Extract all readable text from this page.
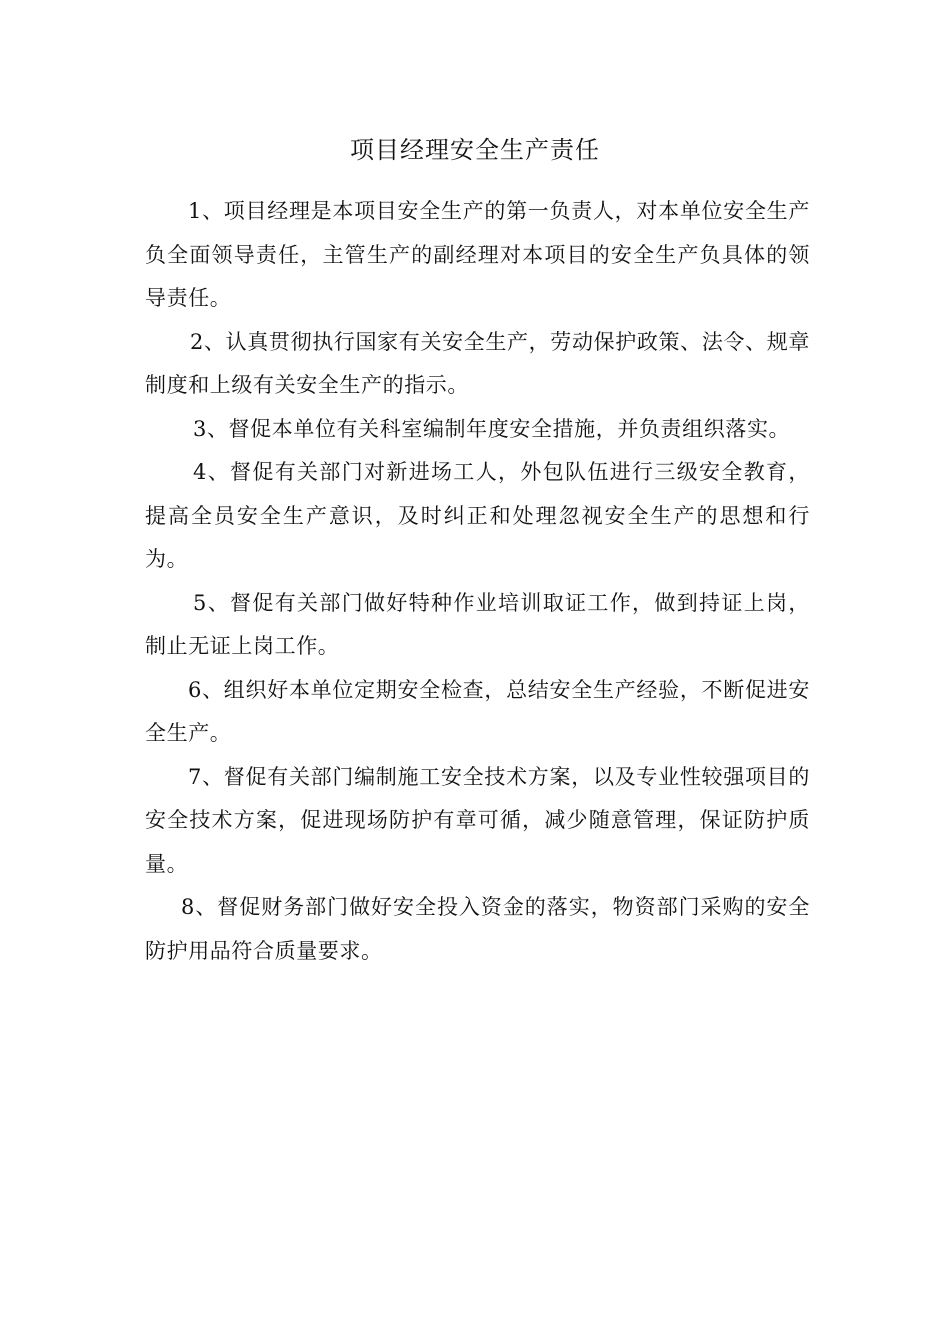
项目经理安全生产责任

1、项目经理是本项目安全生产的第一负责人，对本单位安全生产负全面领导责任，主管生产的副经理对本项目的安全生产负具体的领导责任。

2、认真贯彻执行国家有关安全生产，劳动保护政策、法令、规章制度和上级有关安全生产的指示。

3、督促本单位有关科室编制年度安全措施，并负责组织落实。

4、督促有关部门对新进场工人，外包队伍进行三级安全教育，提高全员安全生产意识，及时纠正和处理忽视安全生产的思想和行为。

5、督促有关部门做好特种作业培训取证工作，做到持证上岗，制止无证上岗工作。

6、组织好本单位定期安全检查，总结安全生产经验，不断促进安全生产。

7、督促有关部门编制施工安全技术方案，以及专业性较强项目的安全技术方案，促进现场防护有章可循，减少随意管理，保证防护质量。

8、督促财务部门做好安全投入资金的落实，物资部门采购的安全防护用品符合质量要求。
